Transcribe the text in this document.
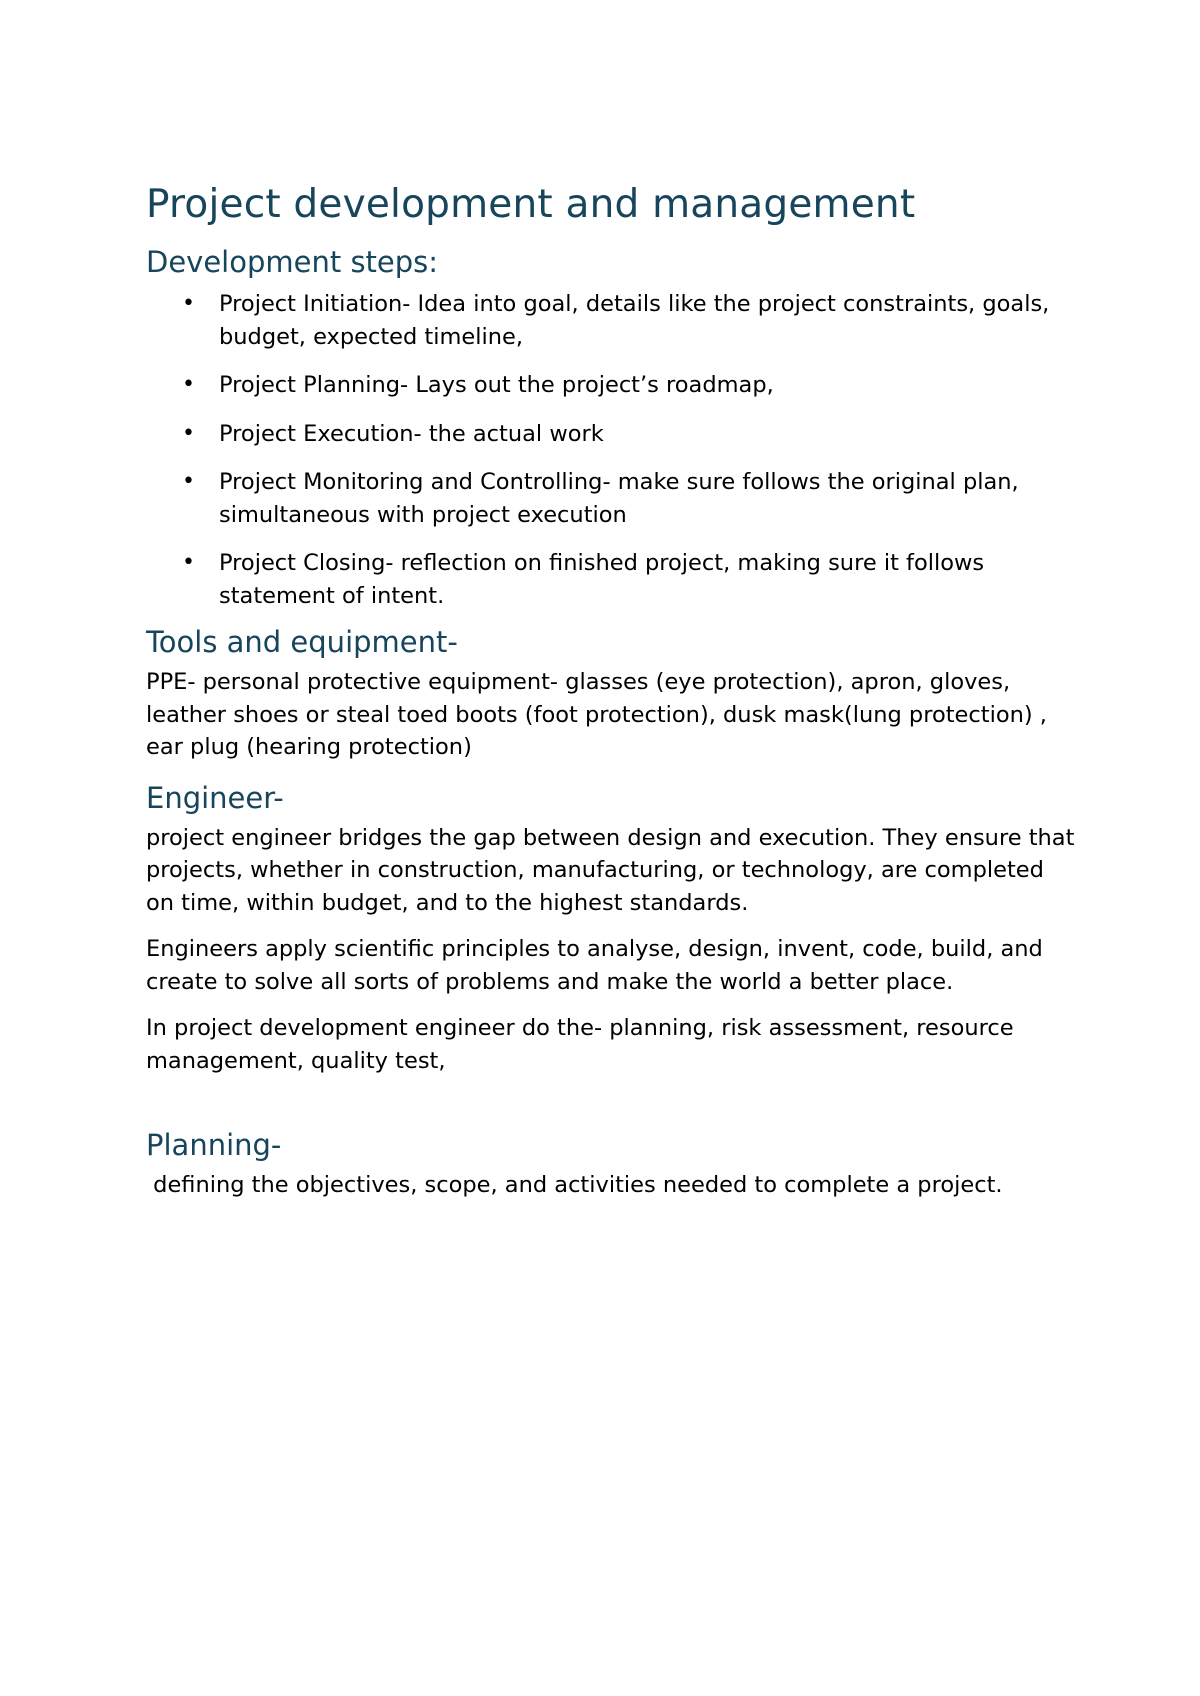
Project development and management
Development steps:
•	Project Initiation- Idea into goal, details like the project constraints, goals, budget, expected timeline,
•	Project Planning- Lays out the project’s roadmap,
•	Project Execution- the actual work
•	Project Monitoring and Controlling- make sure follows the original plan, simultaneous with project execution
•	Project Closing- reflection on finished project, making sure it follows statement of intent.
Tools and equipment-

PPE- personal protective equipment- glasses (eye protection), apron, gloves, leather shoes or steal toed boots (foot protection), dusk mask(lung protection) , ear plug (hearing protection)

Engineer-

project engineer bridges the gap between design and execution. They ensure that projects, whether in construction, manufacturing, or technology, are completed on time, within budget, and to the highest standards.

Engineers apply scientific principles to analyse, design, invent, code, build, and create to solve all sorts of problems and make the world a better place.

In project development engineer do the- planning, risk assessment, resource management, quality test,

Planning-

defining the objectives, scope, and activities needed to complete a project.
